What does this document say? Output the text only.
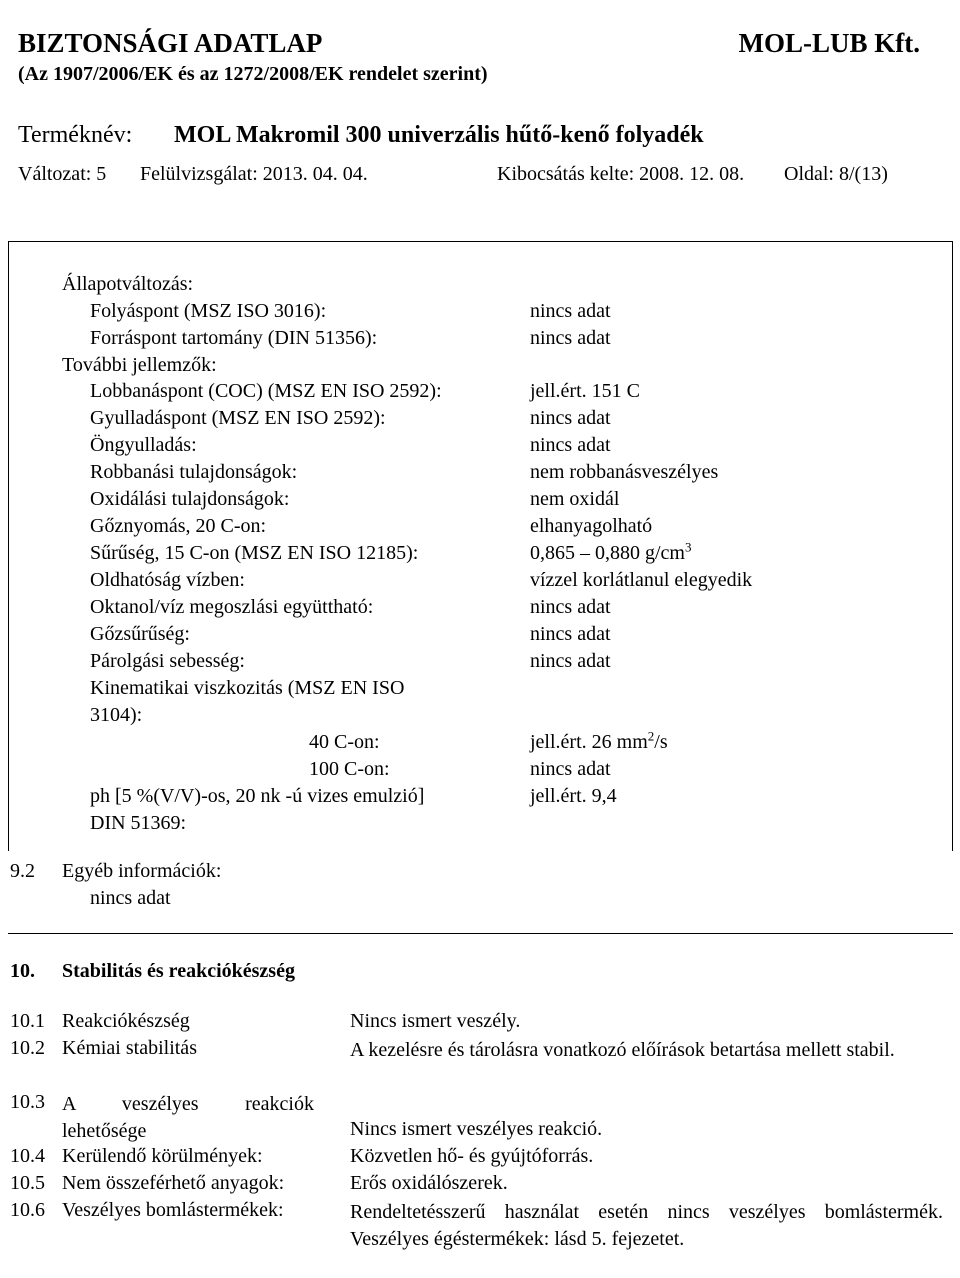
BIZTONSÁGI ADATLAP	MOL-LUB Kft.
(Az 1907/2006/EK és az 1272/2008/EK rendelet szerint)
Terméknév: MOL Makromil 300 univerzális hűtő-kenő folyadék
Változat: 5 Felülvizsgálat: 2013. 04. 04.	Kibocsátás kelte: 2008. 12. 08. Oldal: 8/(13)
Állapotváltozás:
Folyáspont (MSZ ISO 3016):	nincs adat
Forráspont tartomány (DIN 51356):	nincs adat
További jellemzők:
Lobbanáspont (COC) (MSZ EN ISO 2592):	jell.ért. 151 C
Gyulladáspont (MSZ EN ISO 2592):	nincs adat
Öngyulladás:	nincs adat
Robbanási tulajdonságok:	nem robbanásveszélyes
Oxidálási tulajdonságok:	nem oxidál
Gőznyomás, 20 C-on:	elhanyagolható
Sűrűség, 15 C-on (MSZ EN ISO 12185):	0,865 – 0,880 $g/cm^3$
Oldhatóság vízben:	vízzel korlátlanul elegyedik
Oktanol/víz megoszlási együttható:	nincs adat
Gőzsűrűség:	nincs adat
Párolgási sebesség:	nincs adat
Kinematikai viszkozitás (MSZ EN ISO
3104):
40 C-on:	jell.ért. 26 $mm^2/s$
100 C-on:	nincs adat
ph [5 %(V/V)-os, 20 nk -ú vizes emulzió]	jell.ért. 9,4
DIN 51369:
9.2 Egyéb információk:
nincs adat
10. Stabilitás és reakciókészség
10.1 Reakciókészség	Nincs ismert veszély.
10.2 Kémiai stabilitás	A kezelésre és tárolásra vonatkozó előírások betartása mellett stabil.
10.3 A veszélyes reakciók lehetősége	Nincs ismert veszélyes reakció.
10.4 Kerülendő körülmények:	Közvetlen hő- és gyújtóforrás.
10.5 Nem összeférhető anyagok:	Erős oxidálószerek.
10.6 Veszélyes bomlástermékek:	Rendeltetésszerű használat esetén nincs veszélyes bomlástermék. Veszélyes égéstermékek: lásd 5. fejezetet.
